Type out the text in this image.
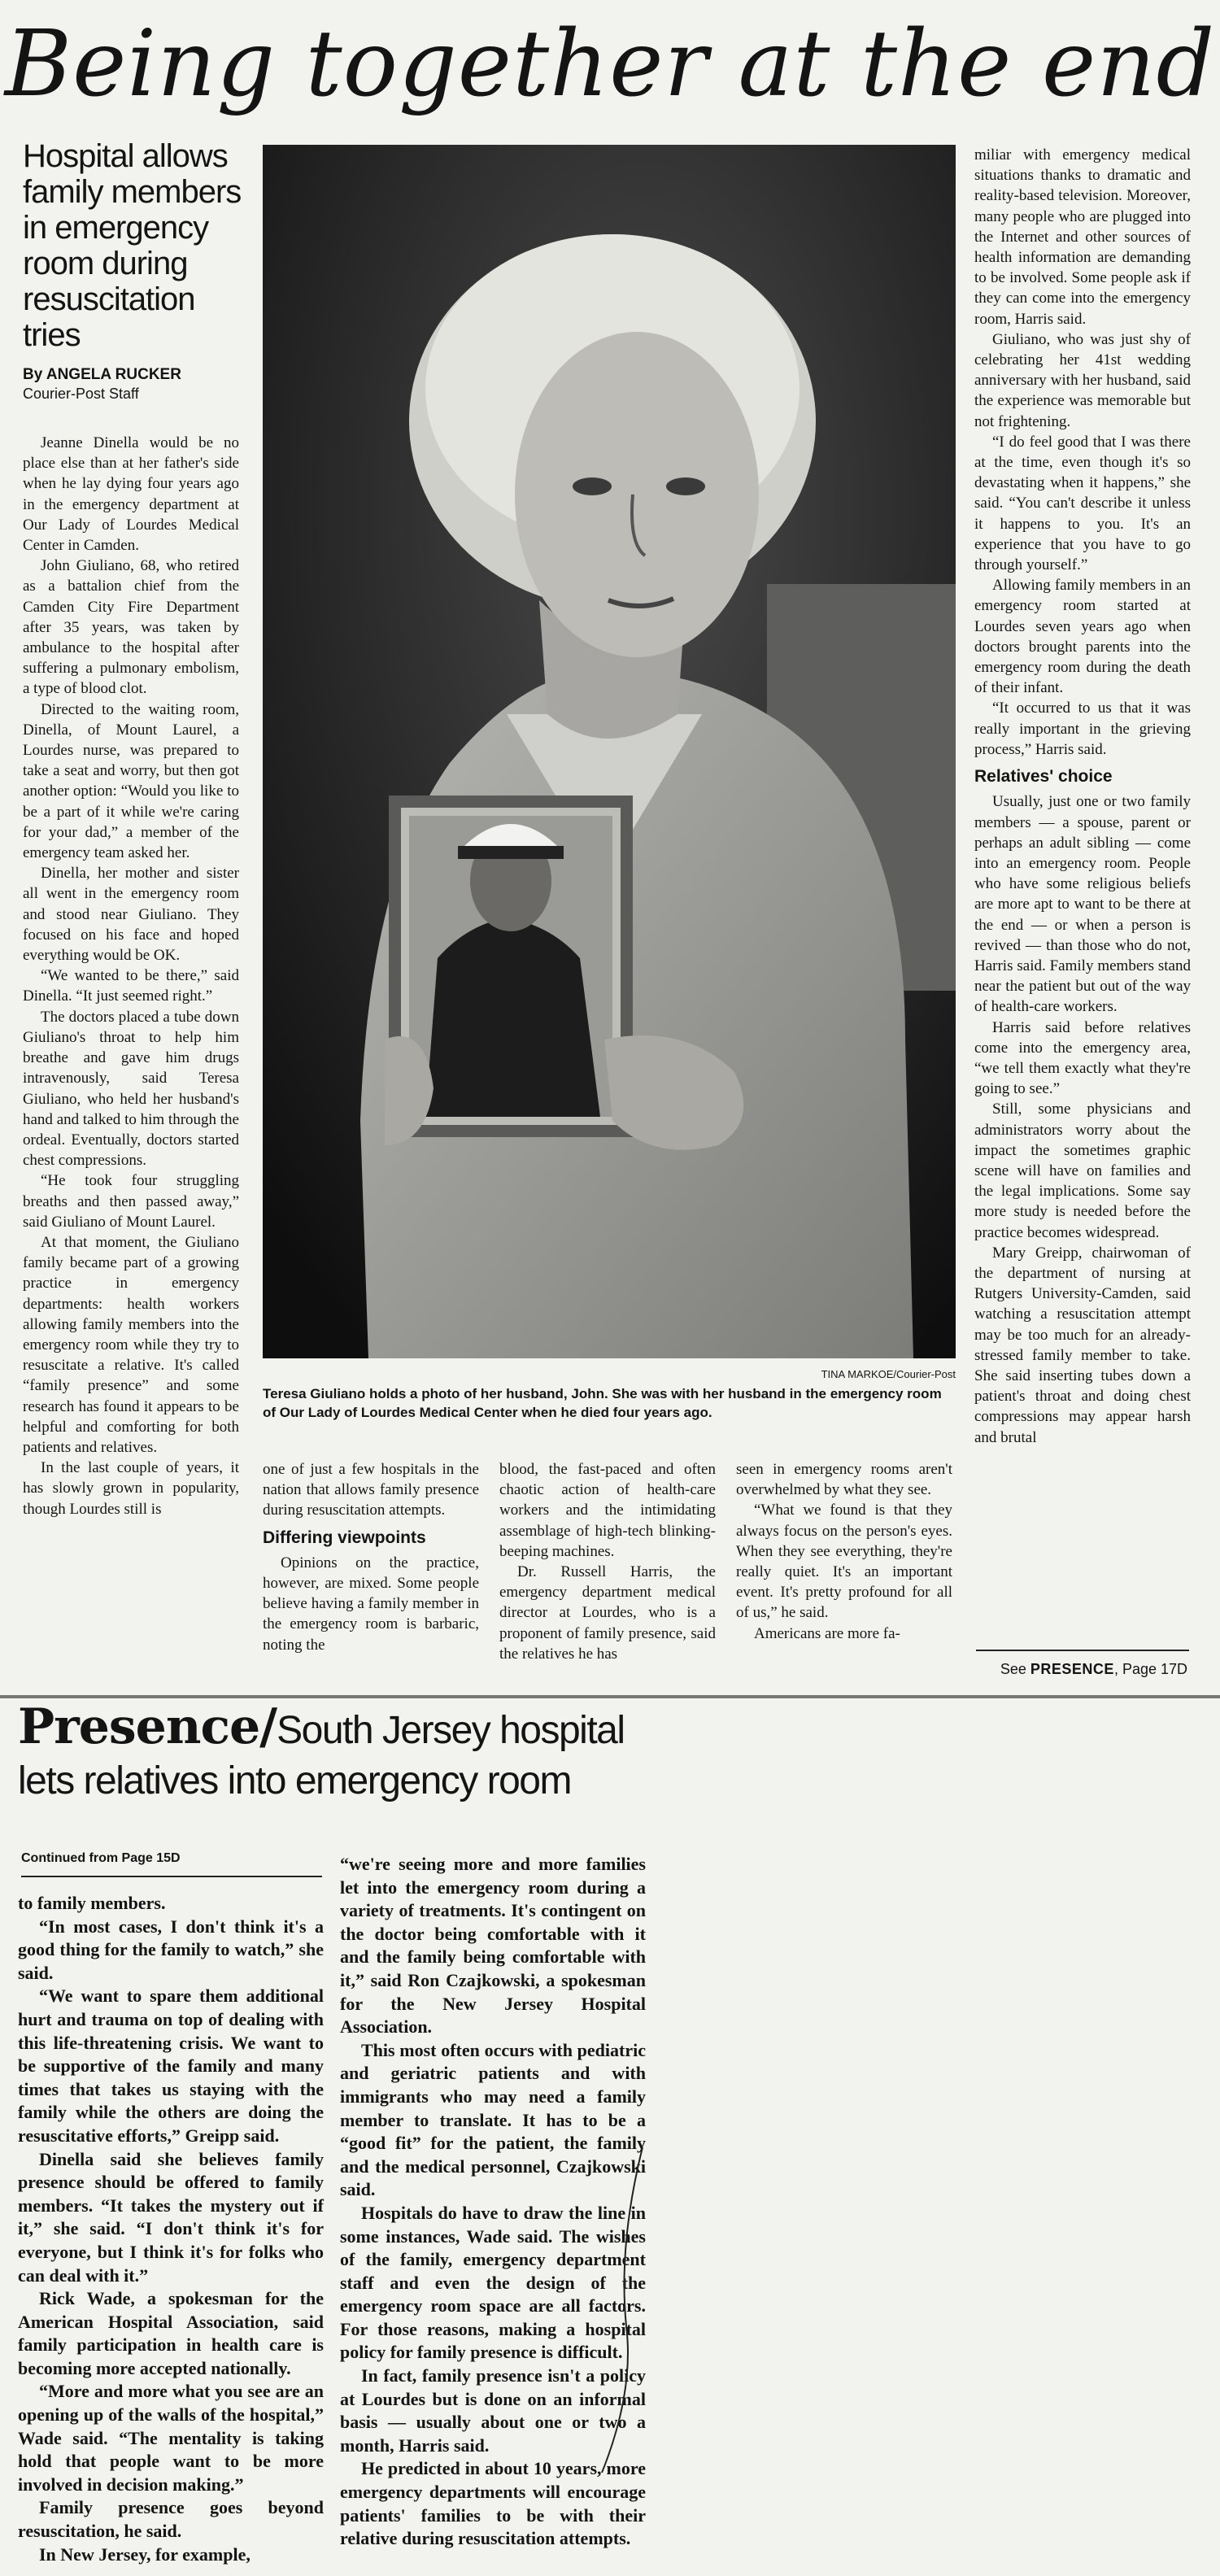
Being together at the end
Hospital allows family members in emergency room during resuscitation tries
By ANGELA RUCKER
Courier-Post Staff

Jeanne Dinella would be no place else than at her father's side when he lay dying four years ago in the emergency department at Our Lady of Lourdes Medical Center in Camden.

John Giuliano, 68, who retired as a battalion chief from the Camden City Fire Department after 35 years, was taken by ambulance to the hospital after suffering a pulmonary embolism, a type of blood clot.

Directed to the waiting room, Dinella, of Mount Laurel, a Lourdes nurse, was prepared to take a seat and worry, but then got another option: “Would you like to be a part of it while we're caring for your dad,” a member of the emergency team asked her.

Dinella, her mother and sister all went in the emergency room and stood near Giuliano. They focused on his face and hoped everything would be OK.

“We wanted to be there,” said Dinella. “It just seemed right.”

The doctors placed a tube down Giuliano's throat to help him breathe and gave him drugs intravenously, said Teresa Giuliano, who held her husband's hand and talked to him through the ordeal. Eventually, doctors started chest compressions.

“He took four struggling breaths and then passed away,” said Giuliano of Mount Laurel.

At that moment, the Giuliano family became part of a growing practice in emergency departments: health workers allowing family members into the emergency room while they try to resuscitate a relative. It's called “family presence” and some research has found it appears to be helpful and comforting for both patients and relatives.

In the last couple of years, it has slowly grown in popularity, though Lourdes still is

TINA MARKOE/Courier-Post
Teresa Giuliano holds a photo of her husband, John. She was with her husband in the emergency room of Our Lady of Lourdes Medical Center when he died four years ago.

one of just a few hospitals in the nation that allows family presence during resuscitation attempts.

Differing viewpoints

Opinions on the practice, however, are mixed. Some people believe having a family member in the emergency room is barbaric, noting the

blood, the fast-paced and often chaotic action of health-care workers and the intimidating assemblage of high-tech blinking-beeping machines.

Dr. Russell Harris, the emergency department medical director at Lourdes, who is a proponent of family presence, said the relatives he has

seen in emergency rooms aren't overwhelmed by what they see.

“What we found is that they always focus on the person's eyes. When they see everything, they're really quiet. It's an important event. It's pretty profound for all of us,” he said.

Americans are more fa-

miliar with emergency medical situations thanks to dramatic and reality-based television. Moreover, many people who are plugged into the Internet and other sources of health information are demanding to be involved. Some people ask if they can come into the emergency room, Harris said.

Giuliano, who was just shy of celebrating her 41st wedding anniversary with her husband, said the experience was memorable but not frightening.

“I do feel good that I was there at the time, even though it's so devastating when it happens,” she said. “You can't describe it unless it happens to you. It's an experience that you have to go through yourself.”

Allowing family members in an emergency room started at Lourdes seven years ago when doctors brought parents into the emergency room during the death of their infant.

“It occurred to us that it was really important in the grieving process,” Harris said.

Relatives' choice

Usually, just one or two family members — a spouse, parent or perhaps an adult sibling — come into an emergency room. People who have some religious beliefs are more apt to want to be there at the end — or when a person is revived — than those who do not, Harris said. Family members stand near the patient but out of the way of health-care workers.

Harris said before relatives come into the emergency area, “we tell them exactly what they're going to see.”

Still, some physicians and administrators worry about the impact the sometimes graphic scene will have on families and the legal implications. Some say more study is needed before the practice becomes widespread.

Mary Greipp, chairwoman of the department of nursing at Rutgers University-Camden, said watching a resuscitation attempt may be too much for an already-stressed family member to take. She said inserting tubes down a patient's throat and doing chest compressions may appear harsh and brutal

See PRESENCE, Page 17D
Presence/South Jersey hospital
lets relatives into emergency room
Continued from Page 15D

to family members.

“In most cases, I don't think it's a good thing for the family to watch,” she said.

“We want to spare them additional hurt and trauma on top of dealing with this life-threatening crisis. We want to be supportive of the family and many times that takes us staying with the family while the others are doing the resuscitative efforts,” Greipp said.

Dinella said she believes family presence should be offered to family members. “It takes the mystery out if it,” she said. “I don't think it's for everyone, but I think it's for folks who can deal with it.”

Rick Wade, a spokesman for the American Hospital Association, said family participation in health care is becoming more accepted nationally.

“More and more what you see are an opening up of the walls of the hospital,” Wade said. “The mentality is taking hold that people want to be more involved in decision making.”

Family presence goes beyond resuscitation, he said.

In New Jersey, for example,

“we're seeing more and more families let into the emergency room during a variety of treatments. It's contingent on the doctor being comfortable with it and the family being comfortable with it,” said Ron Czajkowski, a spokesman for the New Jersey Hospital Association.

This most often occurs with pediatric and geriatric patients and with immigrants who may need a family member to translate. It has to be a “good fit” for the patient, the family and the medical personnel, Czajkowski said.

Hospitals do have to draw the line in some instances, Wade said. The wishes of the family, emergency department staff and even the design of the emergency room space are all factors. For those reasons, making a hospital policy for family presence is difficult.

In fact, family presence isn't a policy at Lourdes but is done on an informal basis — usually about one or two a month, Harris said.

He predicted in about 10 years, more emergency departments will encourage patients' families to be with their relative during resuscitation attempts.
